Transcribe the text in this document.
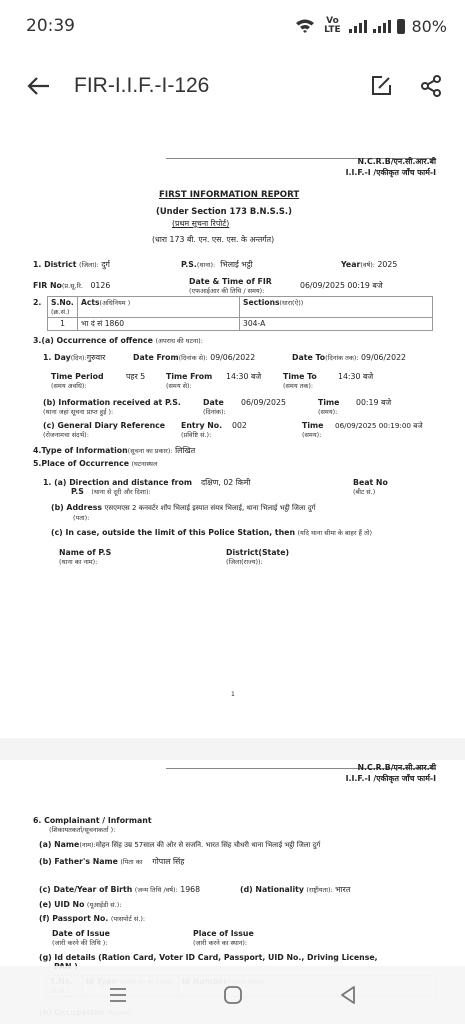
20:39	Vo LTE	80%
FIR-I.I.F.-I-126
N.C.R.B/एन.सी.आर.बी
I.I.F.-I /एकीकृत जाँच फार्म-I
FIRST INFORMATION REPORT
(Under Section 173 B.N.S.S.)
(प्रथम सूचना रिपोर्ट)
(धारा 173 बी. एन. एस. एस. के अन्तर्गत)
1. District (जिला): दुर्ग	P.S.(थाना): भिलाई भट्ठी	Year(वर्ष): 2025
FIR No(प्र.सू.रि. 0126	Date & Time of FIR
(एफआईआर की तिथि / समय):
06/09/2025 00:19 बजे
2. S.No.
(क्र.सं.)	Acts(अधिनियम )	Sections(धारा(ऐ))
1	भा दं सं 1860	304-A
3.(a) Occurrence of offence (अपराध की घटना):
1. Day(दिन):गुरुवार	Date From(दिनांक से): 09/06/2022	Date To(दिनांक तक): 09/06/2022
Time Period
(समय अवधि):
पहर 5	Time From
(समय से):
14:30 बजे	Time To
(समय तक):
14:30 बजे
(b) Information received at P.S.
(थाना जहां सूचना प्राप्त हुई ):
Date
(दिनांक):
06/09/2025	Time
(समय):
00:19 बजे
(c) General Diary Reference
(रोजनामचा संदर्भ):
Entry No.
(प्रविष्टि सं.):
002	Time
(समय):
06/09/2025 00:19:00 बजे
4.Type of Information(सूचना का प्रकार): लिखित
5.Place of Occurrence (घटनास्थल
1. (a) Direction and distance from
P.S (थाना से दूरी और दिशा):
दक्षिण, 02 किमी	Beat No
(बीट सं.)
(b) Address एसएमएस 2 कनवर्टर शॉप भिलाई इस्पात संयत्र भिलाई, थाना भिलाई भट्ठी जिला दुर्ग
(पता):
(c) In case, outside the limit of this Police Station, then (यदि थाना सीमा के बाहर हैं तो)
Name of P.S
(थाना का नाम):
District(State)
(जिला(राज्य)):
1
N.C.R.B/एन.सी.आर.बी
I.I.F.-I /एकीकृत जाँच फार्म-I
6. Complainant / Informant
(शिकायतकर्ता/सूचनाकर्ता ):
(a) Name(नाम):मोहन सिंह उम्र 57साल की ओर से सजनि. भारत सिंह चौधरी थाना भिलाई भट्ठी जिला दुर्ग
(b) Father's Name (पिता का गोपाल सिंह
(c) Date/Year of Birth (जन्म तिथि /वर्ष): 1968	(d) Nationality (राष्ट्रीयता): भारत
(e) UID No (यूआईडी सं.):
(f) Passport No. (पासपोर्ट सं.):
Date of Issue
(जारी करने की तिथि ):
Place of Issue
(जारी करने का स्थान):
(g) Id details (Ration Card, Voter ID Card, Passport, UID No., Driving License,
